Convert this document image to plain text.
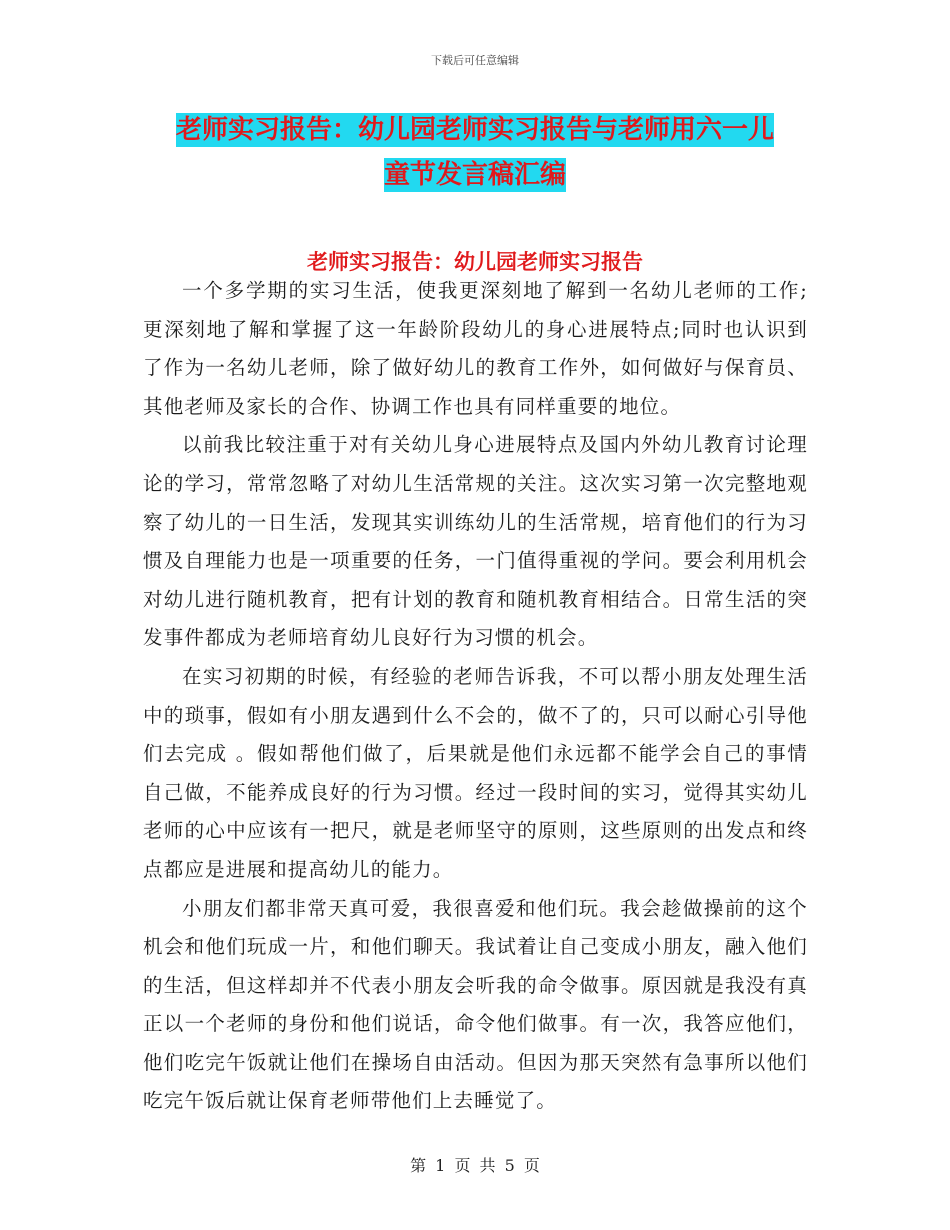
下载后可任意编辑
老师实习报告：幼儿园老师实习报告与老师用六一儿
童节发言稿汇编
老师实习报告：幼儿园老师实习报告

一个多学期的实习生活，使我更深刻地了解到一名幼儿老师的工作;更深刻地了解和掌握了这一年龄阶段幼儿的身心进展特点;同时也认识到了作为一名幼儿老师，除了做好幼儿的教育工作外，如何做好与保育员、其他老师及家长的合作、协调工作也具有同样重要的地位。

以前我比较注重于对有关幼儿身心进展特点及国内外幼儿教育讨论理论的学习，常常忽略了对幼儿生活常规的关注。这次实习第一次完整地观察了幼儿的一日生活，发现其实训练幼儿的生活常规，培育他们的行为习惯及自理能力也是一项重要的任务，一门值得重视的学问。要会利用机会对幼儿进行随机教育，把有计划的教育和随机教育相结合。日常生活的突发事件都成为老师培育幼儿良好行为习惯的机会。

在实习初期的时候，有经验的老师告诉我，不可以帮小朋友处理生活中的琐事，假如有小朋友遇到什么不会的，做不了的，只可以耐心引导他们去完成 。假如帮他们做了，后果就是他们永远都不能学会自己的事情自己做，不能养成良好的行为习惯。经过一段时间的实习，觉得其实幼儿老师的心中应该有一把尺，就是老师坚守的原则，这些原则的出发点和终点都应是进展和提高幼儿的能力。

小朋友们都非常天真可爱，我很喜爱和他们玩。我会趁做操前的这个机会和他们玩成一片，和他们聊天。我试着让自己变成小朋友，融入他们的生活，但这样却并不代表小朋友会听我的命令做事。原因就是我没有真正以一个老师的身份和他们说话，命令他们做事。有一次，我答应他们，他们吃完午饭就让他们在操场自由活动。但因为那天突然有急事所以他们吃完午饭后就让保育老师带他们上去睡觉了。

第 1 页 共 5 页
